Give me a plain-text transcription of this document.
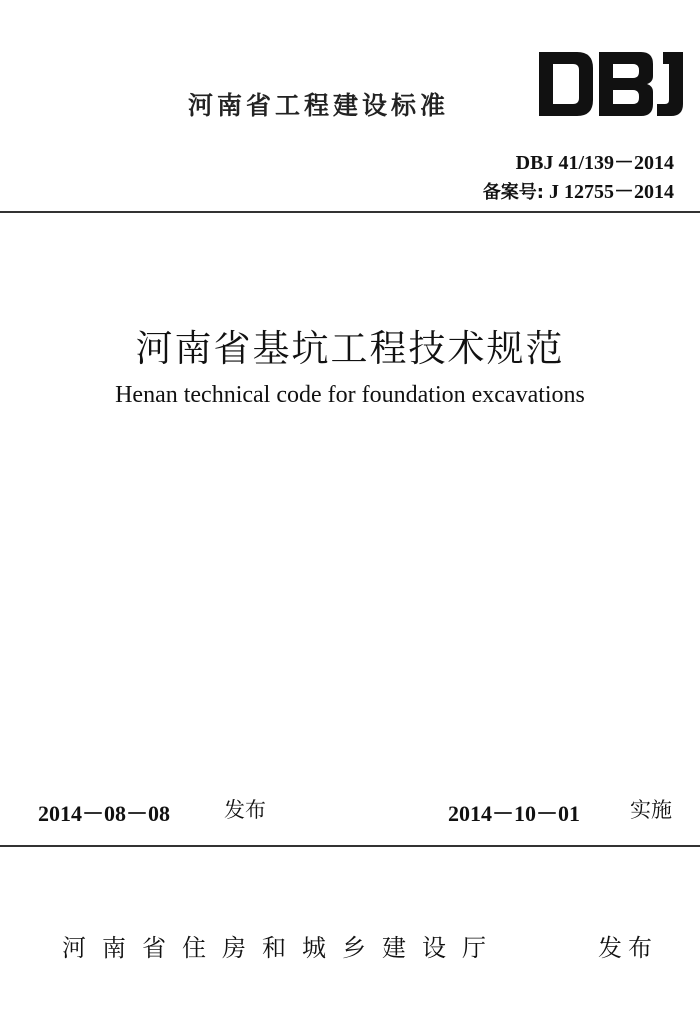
河南省工程建设标准
DBJ
DBJ 41/139－2014
备案号: J 12755－2014
河南省基坑工程技术规范
Henan technical code for foundation excavations
2014－08－08	发布	2014－10－01 实施
河南省住房和城乡建设厅	发布
